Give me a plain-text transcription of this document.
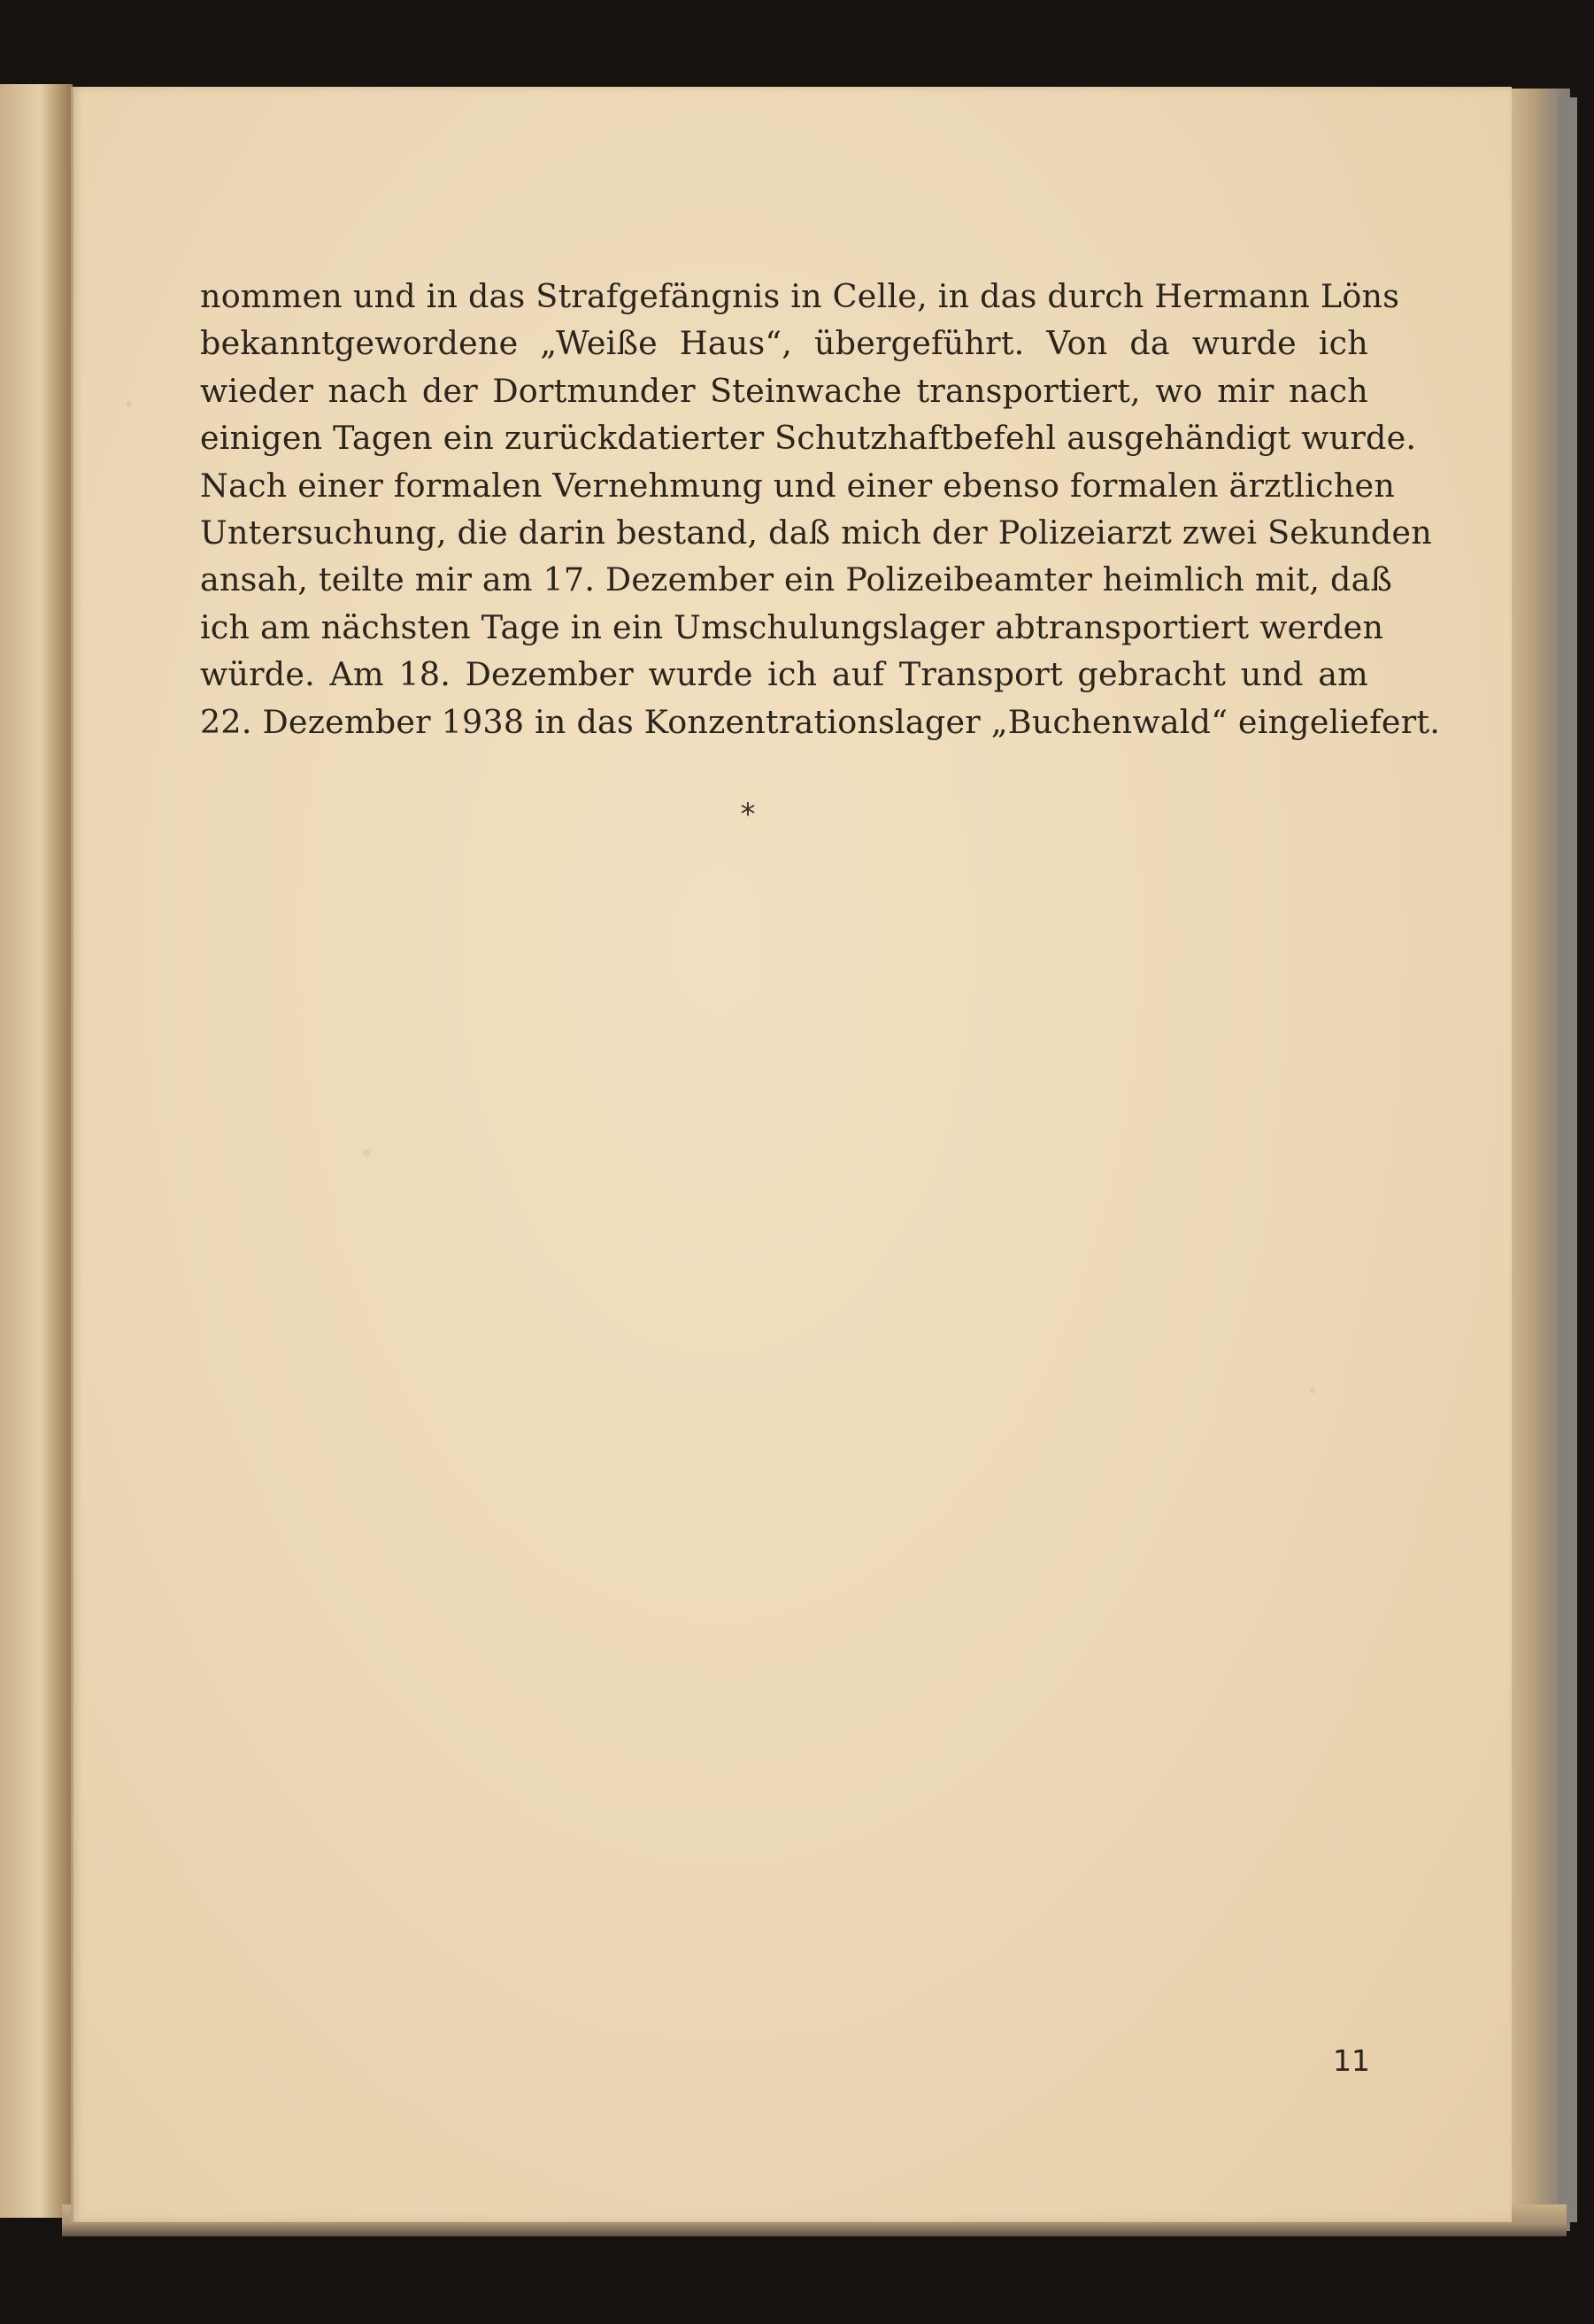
nommen und in das Strafgefängnis in Celle, in das durch Hermann Löns
bekanntgewordene „Weiße Haus“, übergeführt. Von da wurde ich
wieder nach der Dortmunder Steinwache transportiert, wo mir nach
einigen Tagen ein zurückdatierter Schutzhaftbefehl ausgehändigt wurde.
Nach einer formalen Vernehmung und einer ebenso formalen ärztlichen
Untersuchung, die darin bestand, daß mich der Polizeiarzt zwei Sekunden
ansah, teilte mir am 17. Dezember ein Polizeibeamter heimlich mit, daß
ich am nächsten Tage in ein Umschulungslager abtransportiert werden
würde. Am 18. Dezember wurde ich auf Transport gebracht und am
22. Dezember 1938 in das Konzentrationslager „Buchenwald“ eingeliefert.
*
11
